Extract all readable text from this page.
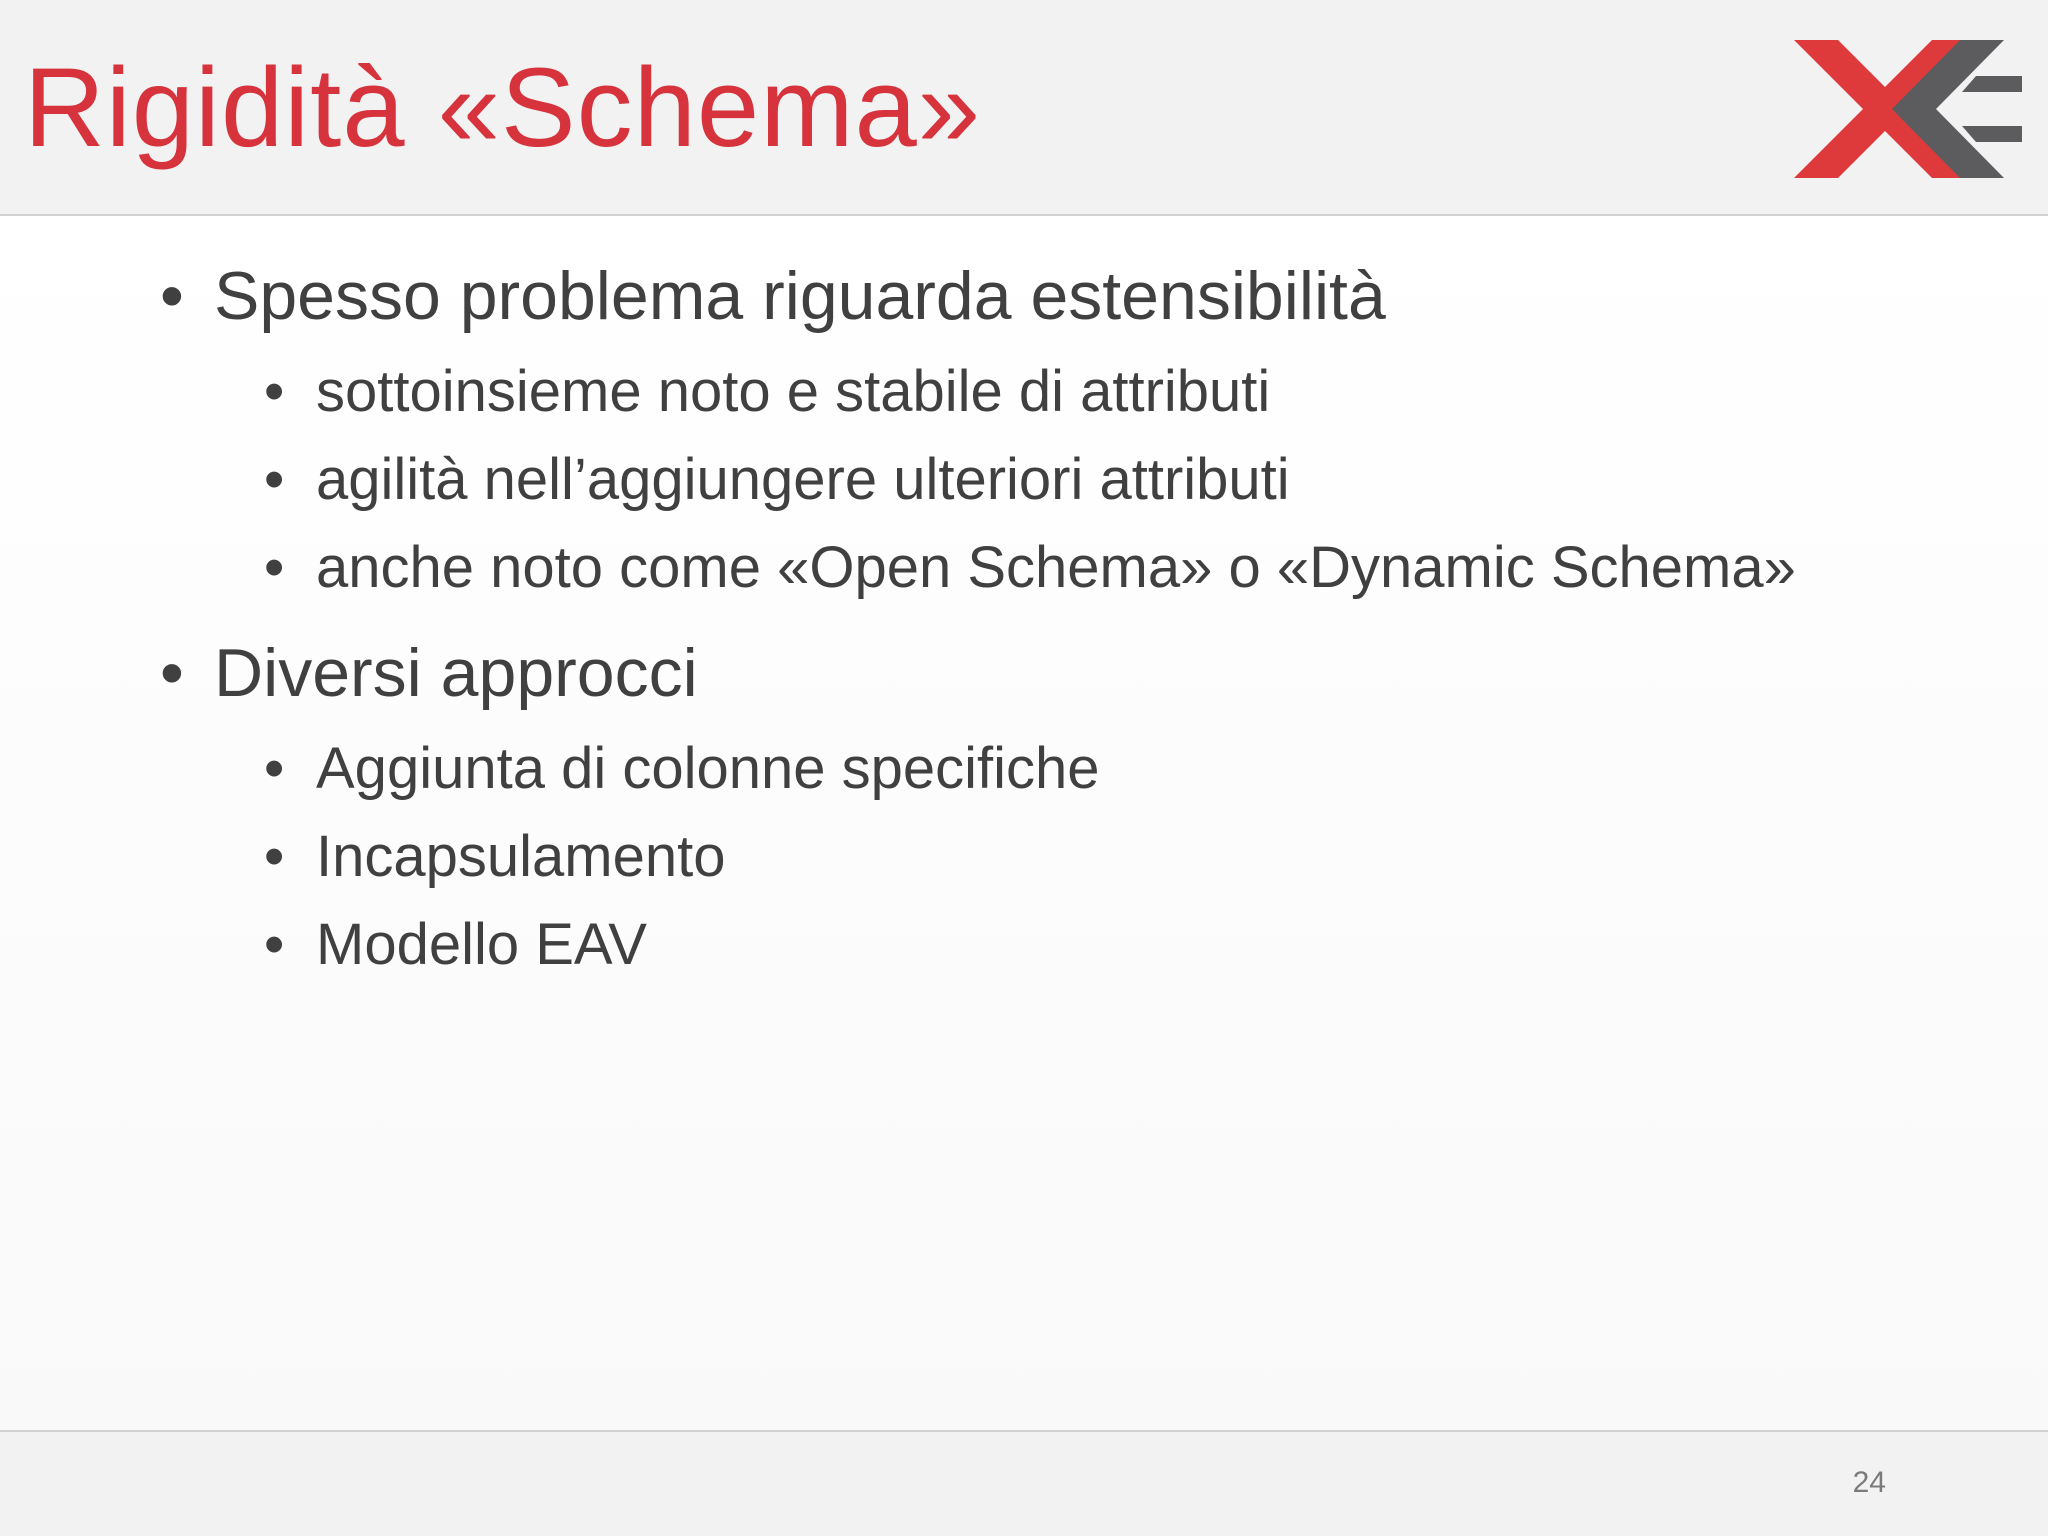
Rigidità «Schema»
• Spesso problema riguarda estensibilità
• sottoinsieme noto e stabile di attributi
• agilità nell’aggiungere ulteriori attributi
• anche noto come «Open Schema» o «Dynamic Schema»
• Diversi approcci
• Aggiunta di colonne specifiche
• Incapsulamento
• Modello EAV
24
